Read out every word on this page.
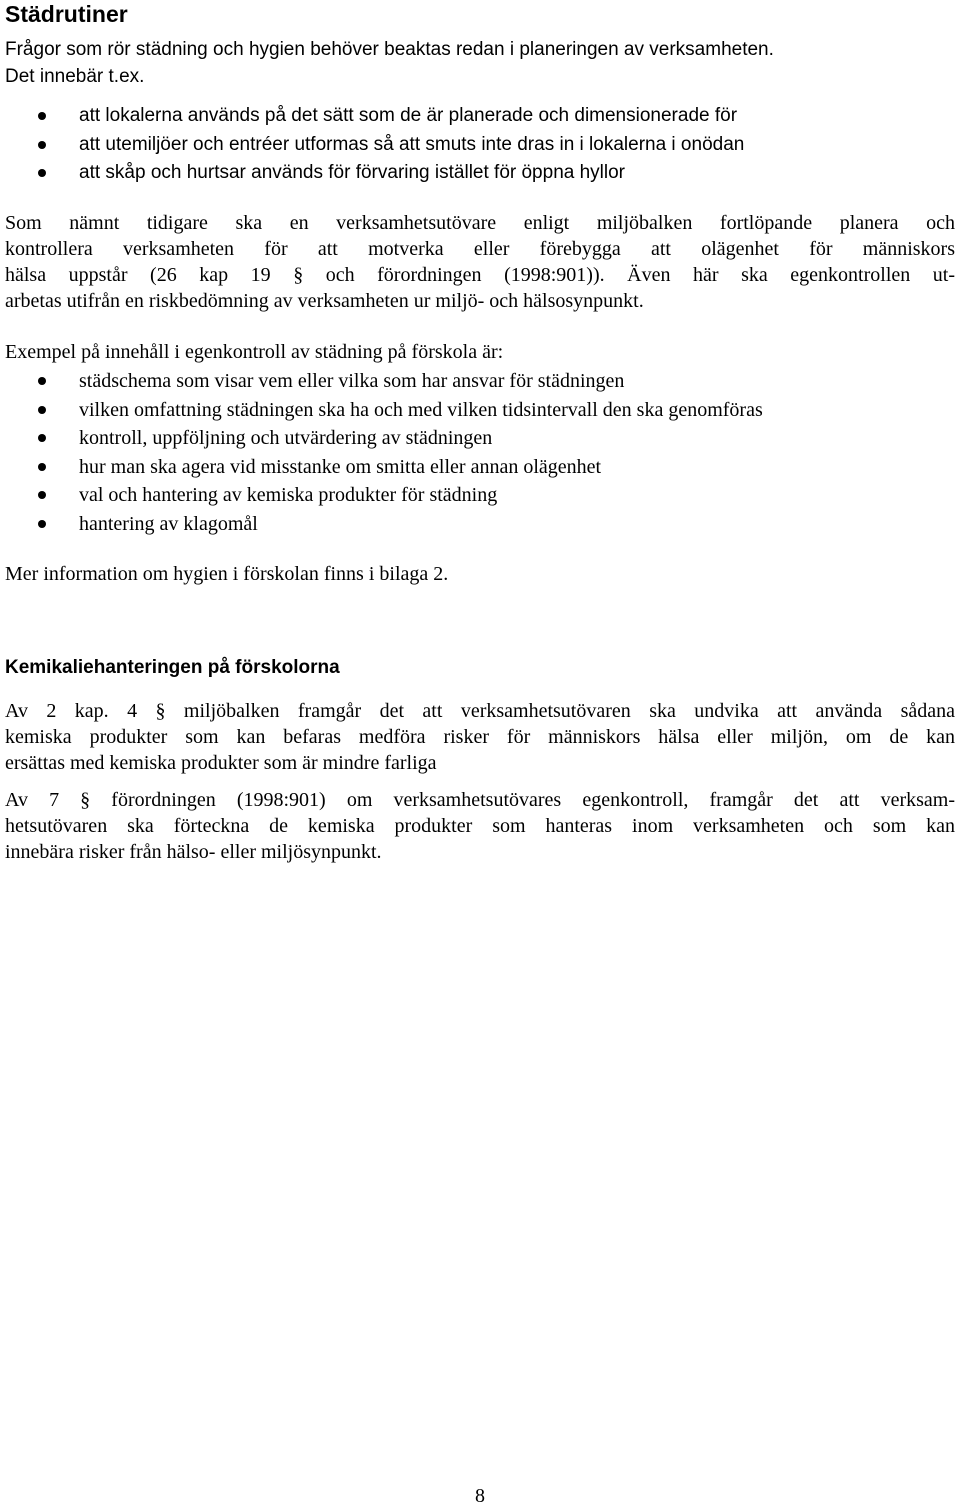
Städrutiner

Frågor som rör städning och hygien behöver beaktas redan i planeringen av verksamheten.
Det innebär t.ex.

att lokalerna används på det sätt som de är planerade och dimensionerade för
att utemiljöer och entréer utformas så att smuts inte dras in i lokalerna i onödan
att skåp och hurtsar används för förvaring istället för öppna hyllor

Som nämnt tidigare ska en verksamhetsutövare enligt miljöbalken fortlöpande planera och
kontrollera verksamheten för att motverka eller förebygga att olägenhet för människors
hälsa uppstår (26 kap 19 § och förordningen (1998:901)). Även här ska egenkontrollen ut-
arbetas utifrån en riskbedömning av verksamheten ur miljö- och hälsosynpunkt.

Exempel på innehåll i egenkontroll av städning på förskola är:

städschema som visar vem eller vilka som har ansvar för städningen
vilken omfattning städningen ska ha och med vilken tidsintervall den ska genomföras
kontroll, uppföljning och utvärdering av städningen
hur man ska agera vid misstanke om smitta eller annan olägenhet
val och hantering av kemiska produkter för städning
hantering av klagomål

Mer information om hygien i förskolan finns i bilaga 2.

Kemikaliehanteringen på förskolorna

Av 2 kap. 4 § miljöbalken framgår det att verksamhetsutövaren ska undvika att använda sådana
kemiska produkter som kan befaras medföra risker för människors hälsa eller miljön, om de kan
ersättas med kemiska produkter som är mindre farliga

Av 7 § förordningen (1998:901) om verksamhetsutövares egenkontroll, framgår det att verksam-
hetsutövaren ska förteckna de kemiska produkter som hanteras inom verksamheten och som kan
innebära risker från hälso- eller miljösynpunkt.

8
